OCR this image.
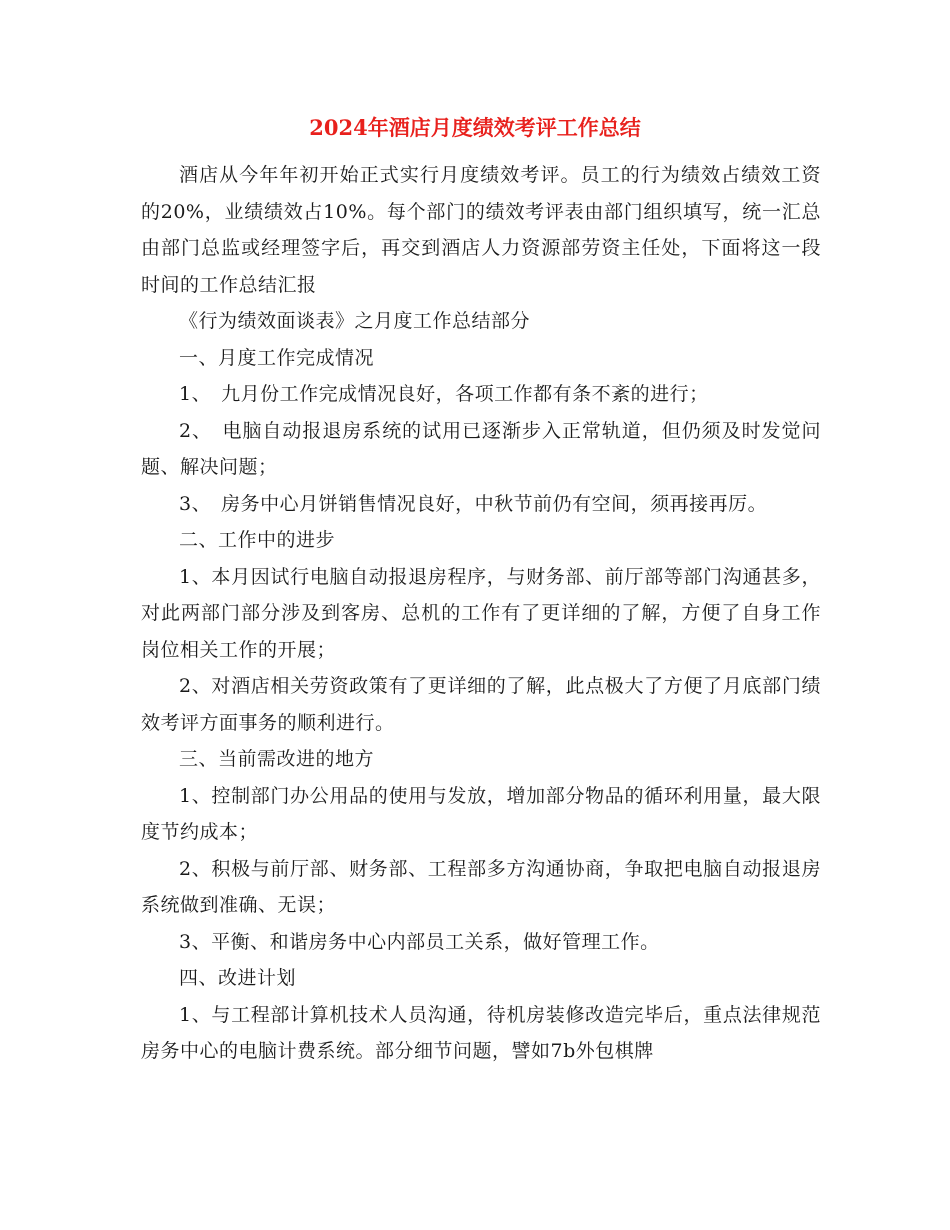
2024年酒店月度绩效考评工作总结

酒店从今年年初开始正式实行月度绩效考评。员工的行为绩效占绩效工资的20%，业绩绩效占10%。每个部门的绩效考评表由部门组织填写，统一汇总由部门总监或经理签字后，再交到酒店人力资源部劳资主任处，下面将这一段时间的工作总结汇报

《行为绩效面谈表》之月度工作总结部分

一、月度工作完成情况

1、　九月份工作完成情况良好，各项工作都有条不紊的进行；

2、　电脑自动报退房系统的试用已逐渐步入正常轨道，但仍须及时发觉问题、解决问题；

3、　房务中心月饼销售情况良好，中秋节前仍有空间，须再接再厉。

二、工作中的进步

1、本月因试行电脑自动报退房程序，与财务部、前厅部等部门沟通甚多，对此两部门部分涉及到客房、总机的工作有了更详细的了解，方便了自身工作岗位相关工作的开展；

2、对酒店相关劳资政策有了更详细的了解，此点极大了方便了月底部门绩效考评方面事务的顺利进行。

三、当前需改进的地方

1、控制部门办公用品的使用与发放，增加部分物品的循环利用量，最大限度节约成本；

2、积极与前厅部、财务部、工程部多方沟通协商，争取把电脑自动报退房系统做到准确、无误；

3、平衡、和谐房务中心内部员工关系，做好管理工作。

四、改进计划

1、与工程部计算机技术人员沟通，待机房装修改造完毕后，重点法律规范房务中心的电脑计费系统。部分细节问题，譬如7b外包棋牌
